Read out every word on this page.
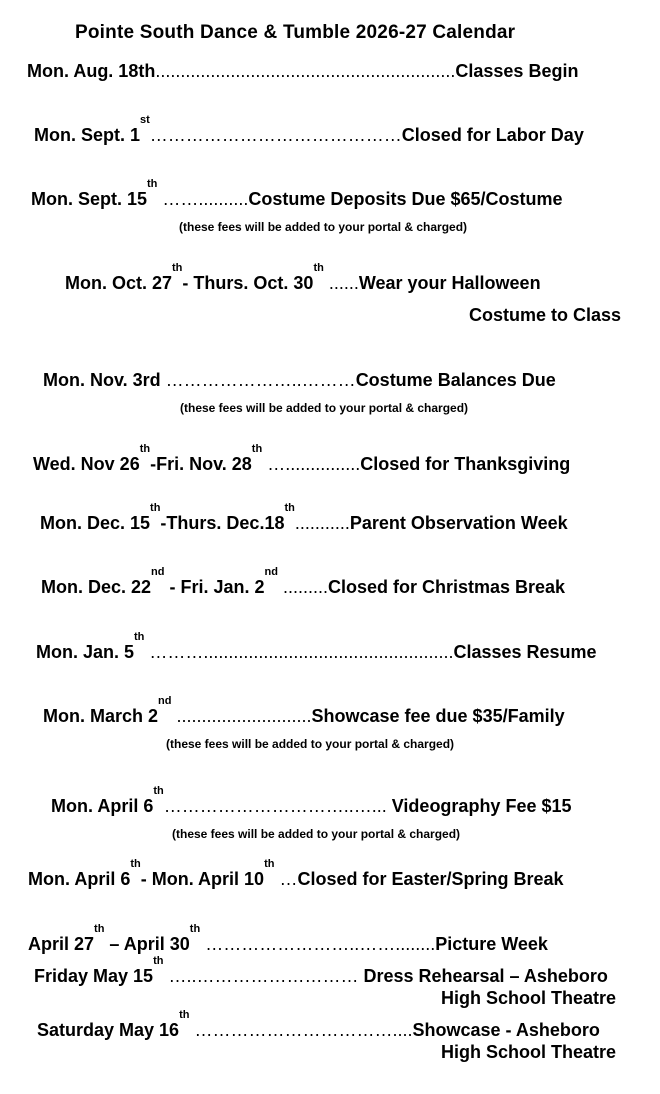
Pointe South Dance & Tumble 2026-27 Calendar
Mon. Aug. 18th............................................................Classes Begin
Mon. Sept. 1st……………………………………Closed for Labor Day
Mon. Sept. 15th ……..........Costume Deposits Due $65/Costume
(these fees will be added to your portal & charged)
Mon. Oct. 27th- Thurs. Oct. 30th ......Wear your Halloween
Costume to Class
Mon. Nov. 3rd …………………..………Costume Balances Due
(these fees will be added to your portal & charged)
Wed. Nov 26th-Fri. Nov. 28th …...............Closed for Thanksgiving
Mon. Dec. 15th-Thurs. Dec.18th...........Parent Observation Week
Mon. Dec. 22nd - Fri. Jan. 2nd .........Closed for Christmas Break
Mon. Jan. 5th ………..................................................Classes Resume
Mon. March 2nd ...........................Showcase fee due $35/Family
(these fees will be added to your portal & charged)
Mon. April 6th…………………………..…... Videography Fee $15
(these fees will be added to your portal & charged)
Mon. April 6th- Mon. April 10th …Closed for Easter/Spring Break
April 27th – April 30th ……………………..……........Picture Week
Friday May 15th …..……………………… Dress Rehearsal – Asheboro
High School Theatre
Saturday May 16th ……………………………....Showcase - Asheboro
High School Theatre
